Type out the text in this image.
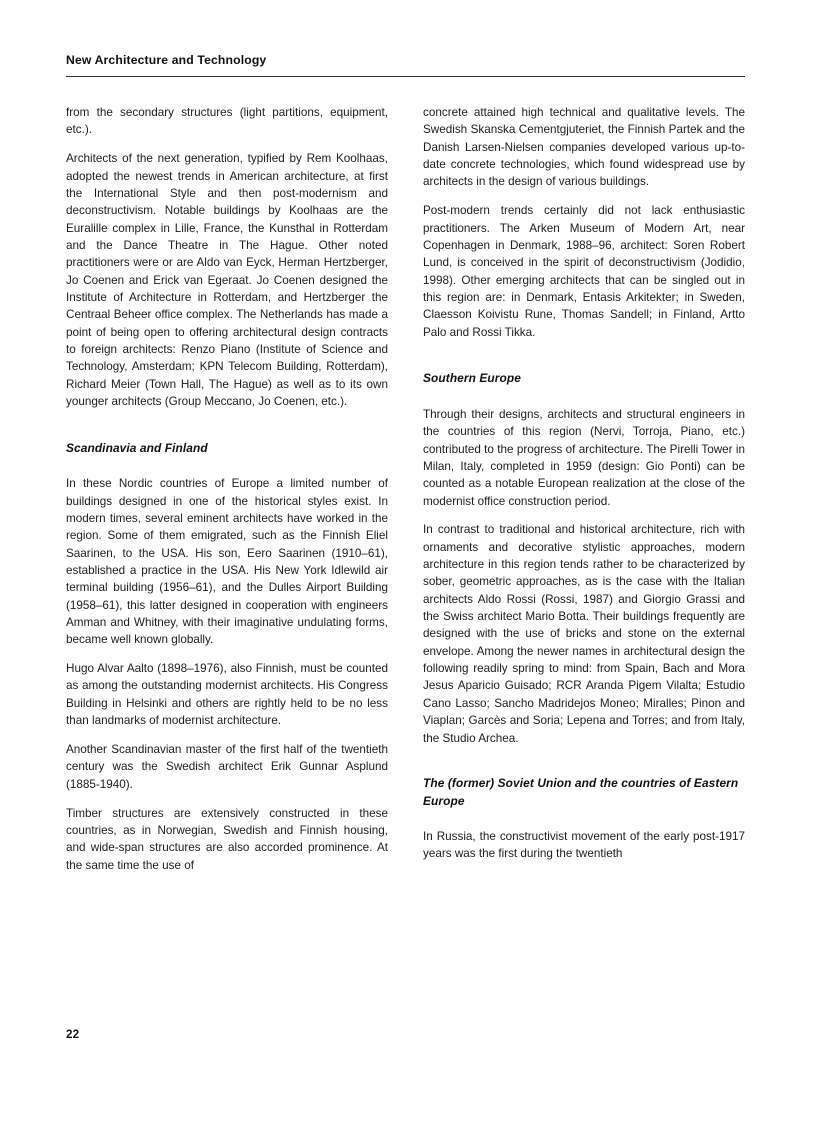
New Architecture and Technology

from the secondary structures (light partitions, equipment, etc.).

Architects of the next generation, typified by Rem Koolhaas, adopted the newest trends in American architecture, at first the International Style and then post-modernism and deconstructivism. Notable buildings by Koolhaas are the Euralille complex in Lille, France, the Kunsthal in Rotterdam and the Dance Theatre in The Hague. Other noted practitioners were or are Aldo van Eyck, Herman Hertzberger, Jo Coenen and Erick van Egeraat. Jo Coenen designed the Institute of Architecture in Rotterdam, and Hertzberger the Centraal Beheer office complex. The Netherlands has made a point of being open to offering architectural design contracts to foreign architects: Renzo Piano (Institute of Science and Technology, Amsterdam; KPN Telecom Building, Rotterdam), Richard Meier (Town Hall, The Hague) as well as to its own younger architects (Group Meccano, Jo Coenen, etc.).

Scandinavia and Finland

In these Nordic countries of Europe a limited number of buildings designed in one of the historical styles exist. In modern times, several eminent architects have worked in the region. Some of them emigrated, such as the Finnish Eliel Saarinen, to the USA. His son, Eero Saarinen (1910–61), established a practice in the USA. His New York Idlewild air terminal building (1956–61), and the Dulles Airport Building (1958–61), this latter designed in cooperation with engineers Amman and Whitney, with their imaginative undulating forms, became well known globally.

Hugo Alvar Aalto (1898–1976), also Finnish, must be counted as among the outstanding modernist architects. His Congress Building in Helsinki and others are rightly held to be no less than landmarks of modernist architecture.

Another Scandinavian master of the first half of the twentieth century was the Swedish architect Erik Gunnar Asplund (1885-1940).

Timber structures are extensively constructed in these countries, as in Norwegian, Swedish and Finnish housing, and wide-span structures are also accorded prominence. At the same time the use of

concrete attained high technical and qualitative levels. The Swedish Skanska Cementgjuteriet, the Finnish Partek and the Danish Larsen-Nielsen companies developed various up-to-date concrete technologies, which found widespread use by architects in the design of various buildings.

Post-modern trends certainly did not lack enthusiastic practitioners. The Arken Museum of Modern Art, near Copenhagen in Denmark, 1988–96, architect: Soren Robert Lund, is conceived in the spirit of deconstructivism (Jodidio, 1998). Other emerging architects that can be singled out in this region are: in Denmark, Entasis Arkitekter; in Sweden, Claesson Koivistu Rune, Thomas Sandell; in Finland, Artto Palo and Rossi Tikka.

Southern Europe

Through their designs, architects and structural engineers in the countries of this region (Nervi, Torroja, Piano, etc.) contributed to the progress of architecture. The Pirelli Tower in Milan, Italy, completed in 1959 (design: Gio Ponti) can be counted as a notable European realization at the close of the modernist office construction period.

In contrast to traditional and historical architecture, rich with ornaments and decorative stylistic approaches, modern architecture in this region tends rather to be characterized by sober, geometric approaches, as is the case with the Italian architects Aldo Rossi (Rossi, 1987) and Giorgio Grassi and the Swiss architect Mario Botta. Their buildings frequently are designed with the use of bricks and stone on the external envelope. Among the newer names in architectural design the following readily spring to mind: from Spain, Bach and Mora Jesus Aparicio Guisado; RCR Aranda Pigem Vilalta; Estudio Cano Lasso; Sancho Madridejos Moneo; Miralles; Pinon and Viaplan; Garcès and Soria; Lepena and Torres; and from Italy, the Studio Archea.

The (former) Soviet Union and the countries of Eastern Europe

In Russia, the constructivist movement of the early post-1917 years was the first during the twentieth

22
